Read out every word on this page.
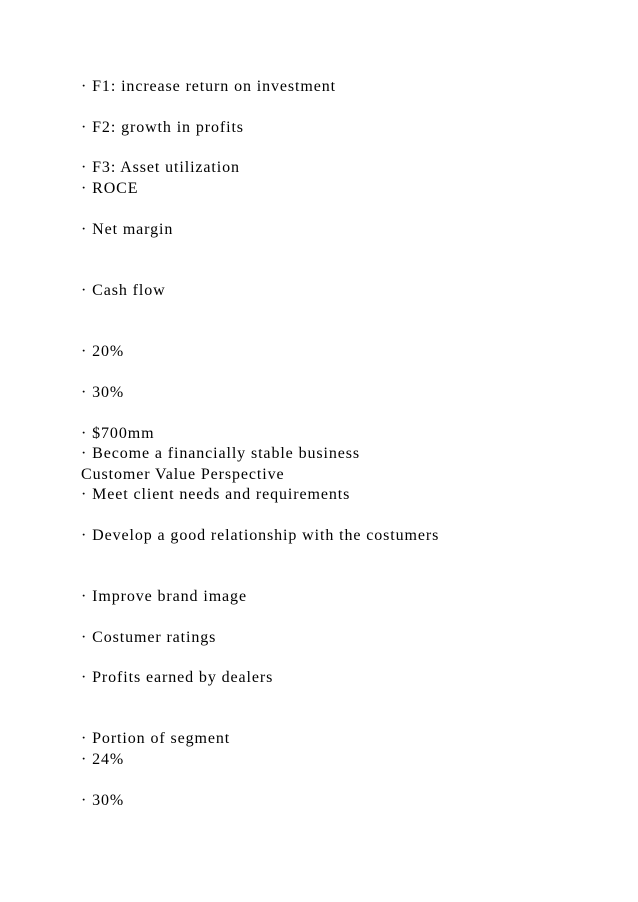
· F1: increase return on investment
· F2: growth in profits
· F3: Asset utilization
· ROCE
· Net margin
· Cash flow
· 20%
· 30%
· $700mm
· Become a financially stable business
Customer Value Perspective
· Meet client needs and requirements
· Develop a good relationship with the costumers
· Improve brand image
· Costumer ratings
· Profits earned by dealers
· Portion of segment
· 24%
· 30%
